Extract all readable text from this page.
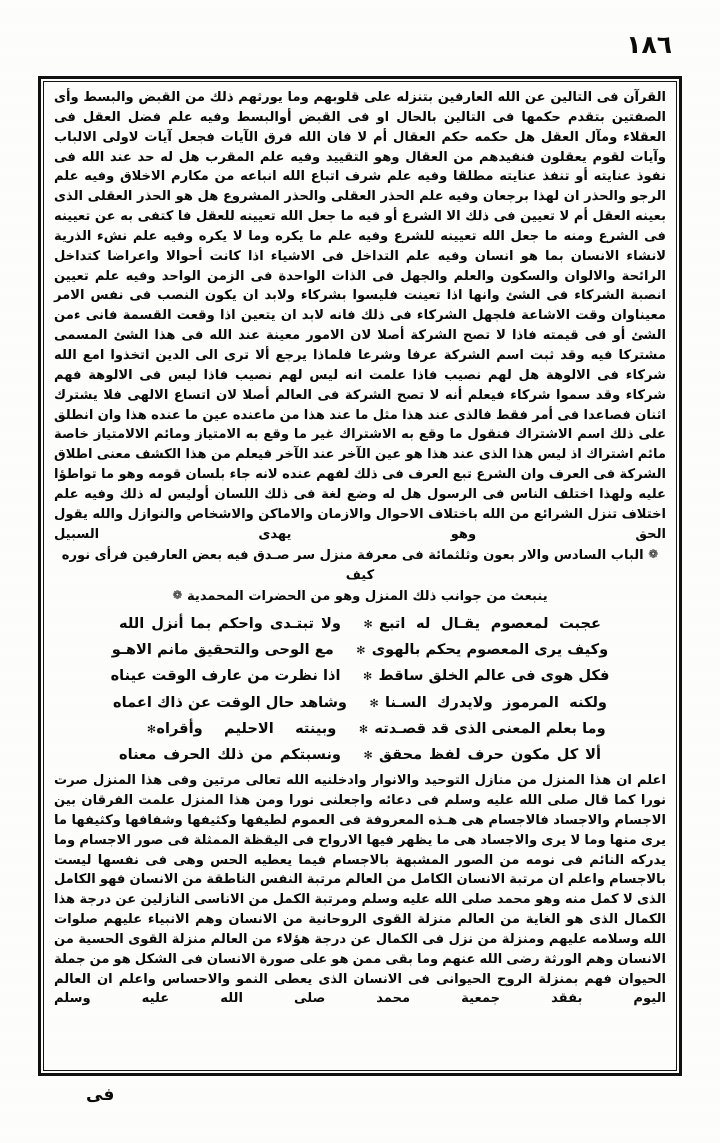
١٨٦
القرآن فى التالين عن الله العارفين بتنزله على قلوبهم وما يورثهم ذلك من القبض والبسط وأى الصفتين بتقدم حكمها فى التالين بالحال او فى القبض أوالبسط وفيه علم فضل العقل فى العقلاء ومآل العقل هل حكمه حكم العقال أم لا فان الله فرق الآيات فجعل آيات لاولى الالباب وآيات لقوم يعقلون فنفيدهم من العقال وهو التقييد وفيه علم المقرب هل له حد عند الله فى نفوذ عنايته أو تنفذ عنايته مطلقا وفيه علم شرف اتباع الله انباعه من مكارم الاخلاق وفيه علم الرجو والحذر ان لهذا برجعان وفيه علم الحذر العقلى والحذر المشروع هل هو الحذر العقلى الذى بعينه العقل أم لا تعيين فى ذلك الا الشرع أو فيه ما جعل الله تعيينه للعقل فا كتفى به عن تعيينه فى الشرع ومنه ما جعل الله تعيينه للشرع وفيه علم ما يكره وما لا يكره وفيه علم نشء الذرية لانشاء الانسان بما هو انسان وفيه علم التداخل فى الاشياء اذا كانت أحوالا واعراضا كتداخل الرائحة والالوان والسكون والعلم والجهل فى الذات الواحدة فى الزمن الواحد وفيه علم تعيين انصبة الشركاء فى الشئ وانها اذا تعينت فليسوا بشركاء ولابد ان يكون النصب فى نفس الامر معيناوان وقت الاشاعة فلجهل الشركاء فى ذلك فانه لابد ان يتعين اذا وقعت القسمة فانى ءمن الشئ أو فى قيمته فاذا لا تصح الشركة أصلا لان الامور معينة عند الله فى هذا الشئ المسمى مشتركا فيه وقد ثبت اسم الشركة عرفا وشرعا فلماذا يرجع ألا ترى الى الدين اتخذوا امع الله شركاء فى الالوهة هل لهم نصيب فاذا علمت انه ليس لهم نصيب فاذا ليس فى الالوهة فهم شركاء وقد سموا شركاء فيعلم أنه لا تصح الشركة فى العالم أصلا لان اتساع الالهى فلا يشترك اثنان فصاعدا فى أمر فقط فالذى عند هذا مثل ما عند هذا من ماعنده عين ما عنده هذا وان انطلق على ذلك اسم الاشتراك فنقول ما وقع به الاشتراك غير ما وقع به الامتياز ومائم الالامتياز خاصة مائم اشتراك اذ ليس هذا الذى عند هذا هو عين الآخر عند الآخر فيعلم من هذا الكشف معنى اطلاق الشركة فى العرف وان الشرع تبع العرف فى ذلك لفهم عنده لانه جاء بلسان قومه وهو ما تواطؤا عليه ولهذا اختلف الناس فى الرسول هل له وضع لغة فى ذلك اللسان أوليس له ذلك وفيه علم اختلاف تنزل الشرائع من الله باختلاف الاحوال والازمان والاماكن والاشخاص والنوازل والله يقول الحق وهو يهدى السبيل
❁ الباب السادس والار بعون وثلثمائة فى معرفة منزل سر صـدق فيه بعض العارفين فرأى نوره كيف
ينبعث من جوانب ذلك المنزل وهو من الحضرات المحمدية ❁
عجبت لمعصوم يقـال له اتبع
✻
ولا تبتـدى واحكم بما أنزل الله
وكيف يرى المعصوم يحكم بالهوى
✻
مع الوحى والتحقيق مانم الاهـو
فكل هوى فى عالم الخلق ساقط
✻
اذا نظرت من عارف الوقت عيناه
ولكنه المرموز ولايدرك السـنا
✻
وشاهد حال الوقت عن ذاك اعماه
وما بعلم المعنى الذى قد قصـدته
✻
وبينته الاحليم وأقراه
✻
ألا كل مكون حرف لفظ محقق
✻
ونسبتكم من ذلك الحرف معناه
اعلم ان هذا المنزل من منازل التوحيد والانوار وادخلنيه الله تعالى مرتين وفى هذا المنزل صرت نورا كما قال صلى الله عليه وسلم فى دعائه واجعلنى نورا ومن هذا المنزل علمت الفرقان بين الاجسام والاجساد فالاجسام هى هـذه المعروفة فى العموم لطيفها وكثيفها وشفافها وكثيفها ما يرى منها وما لا يرى والاجساد هى ما يظهر فيها الارواح فى اليقظة الممثلة فى صور الاجسام وما يدركه النائم فى نومه من الصور المشبهة بالاجسام فيما يعطيه الحس وهى فى نفسها ليست بالاجسام واعلم ان مرتبة الانسان الكامل من العالم مرتبة النفس الناطقة من الانسان فهو الكامل الذى لا كمل منه وهو محمد صلى الله عليه وسلم ومرتبة الكمل من الاناسى النازلين عن درجة هذا الكمال الذى هو الغاية من العالم منزلة القوى الروحانية من الانسان وهم الانبياء عليهم صلوات الله وسلامه عليهم ومنزلة من نزل فى الكمال عن درجة هؤلاء من العالم منزلة القوى الحسية من الانسان وهم الورثة رضى الله عنهم وما بقى ممن هو على صورة الانسان فى الشكل هو من جملة الحيوان فهم بمنزلة الروح الحيوانى فى الانسان الذى يعطى النمو والاحساس واعلم ان العالم اليوم بفقد جمعية محمد صلى الله عليه وسلم
فى
